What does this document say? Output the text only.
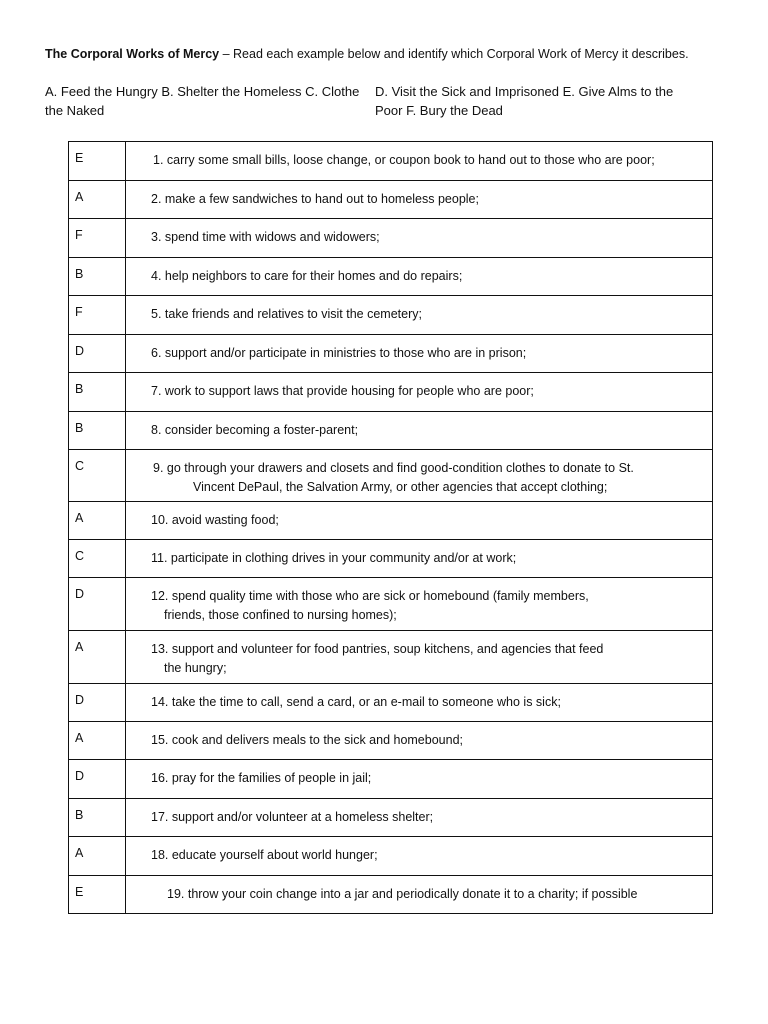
The Corporal Works of Mercy – Read each example below and identify which Corporal Work of Mercy it describes.
A. Feed the Hungry B. Shelter the Homeless C. Clothe
the Naked
D. Visit the Sick and Imprisoned E. Give Alms to the
Poor F. Bury the Dead
E	1. carry some small bills, loose change, or coupon book to hand out to those who are poor;

A	2. make a few sandwiches to hand out to homeless people;

F	3. spend time with widows and widowers;

B	4. help neighbors to care for their homes and do repairs;

F	5. take friends and relatives to visit the cemetery;

D	6. support and/or participate in ministries to those who are in prison;

B	7. work to support laws that provide housing for people who are poor;

B	8. consider becoming a foster-parent;

C	9. go through your drawers and closets and find good-condition clothes to donate to St.
Vincent DePaul, the Salvation Army, or other agencies that accept clothing;

A	10. avoid wasting food;

C	11. participate in clothing drives in your community and/or at work;

D	12. spend quality time with those who are sick or homebound (family members,
friends, those confined to nursing homes);

A	13. support and volunteer for food pantries, soup kitchens, and agencies that feed
the hungry;

D	14. take the time to call, send a card, or an e-mail to someone who is sick;

A	15. cook and delivers meals to the sick and homebound;

D	16. pray for the families of people in jail;

B	17. support and/or volunteer at a homeless shelter;

A	18. educate yourself about world hunger;

E	19. throw your coin change into a jar and periodically donate it to a charity; if possible
